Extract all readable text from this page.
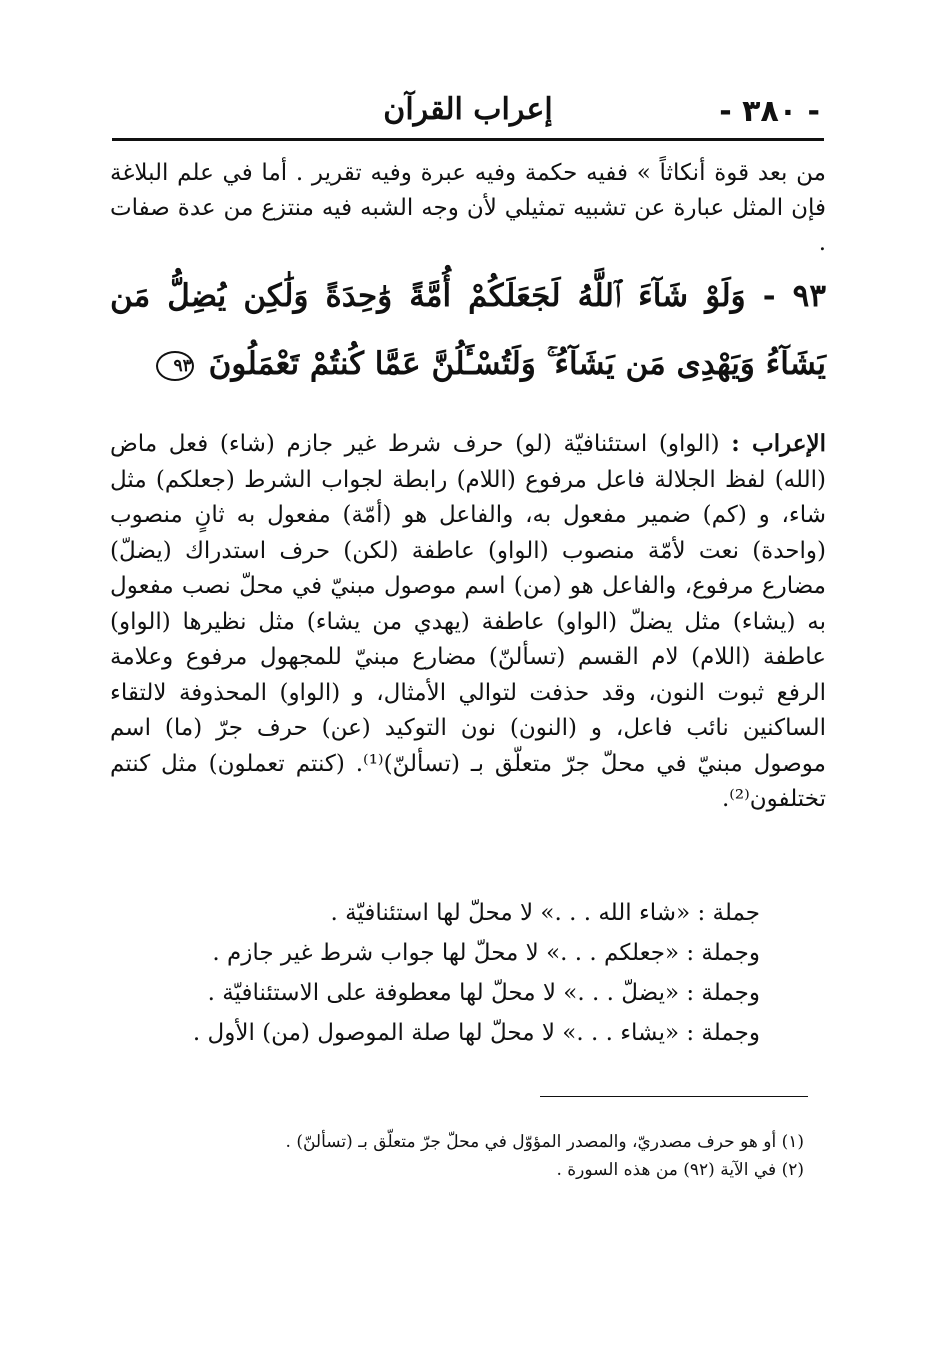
- ٣٨٠ -
إعراب القرآن
من بعد قوة أنكاثاً » ففيه حكمة وفيه عبرة وفيه تقرير . أما في علم البلاغة فإن المثل عبارة عن تشبيه تمثيلي لأن وجه الشبه فيه منتزع من عدة صفات .
٩٣ - وَلَوْ شَآءَ ٱللَّهُ لَجَعَلَكُمْ أُمَّةً وَٰحِدَةً وَلَٰكِن يُضِلُّ مَن يَشَآءُ وَيَهْدِى مَن يَشَآءُ ۚ وَلَتُسْـَٔلُنَّ عَمَّا كُنتُمْ تَعْمَلُونَ ٩٣
الإعراب : (الواو) استئنافيّة (لو) حرف شرط غير جازم (شاء) فعل ماض (الله) لفظ الجلالة فاعل مرفوع (اللام) رابطة لجواب الشرط (جعلكم) مثل شاء، و (كم) ضمير مفعول به، والفاعل هو (أمّة) مفعول به ثانٍ منصوب (واحدة) نعت لأمّة منصوب (الواو) عاطفة (لكن) حرف استدراك (يضلّ) مضارع مرفوع، والفاعل هو (من) اسم موصول مبنيّ في محلّ نصب مفعول به (يشاء) مثل يضلّ (الواو) عاطفة (يهدي من يشاء) مثل نظيرها (الواو) عاطفة (اللام) لام القسم (تسألنّ) مضارع مبنيّ للمجهول مرفوع وعلامة الرفع ثبوت النون، وقد حذفت لتوالي الأمثال، و (الواو) المحذوفة لالتقاء الساكنين نائب فاعل، و (النون) نون التوكيد (عن) حرف جرّ (ما) اسم موصول مبنيّ في محلّ جرّ متعلّق بـ (تسألنّ)⁽¹⁾. (كنتم تعملون) مثل كنتم تختلفون⁽²⁾.
جملة : «شاء الله . . .» لا محلّ لها استئنافيّة .
وجملة : «جعلكم . . .» لا محلّ لها جواب شرط غير جازم .
وجملة : «يضلّ . . .» لا محلّ لها معطوفة على الاستئنافيّة .
وجملة : «يشاء . . .» لا محلّ لها صلة الموصول (من) الأول .
(١) أو هو حرف مصدريّ، والمصدر المؤوّل في محلّ جرّ متعلّق بـ (تسألنّ) .
(٢) في الآية (٩٢) من هذه السورة .
